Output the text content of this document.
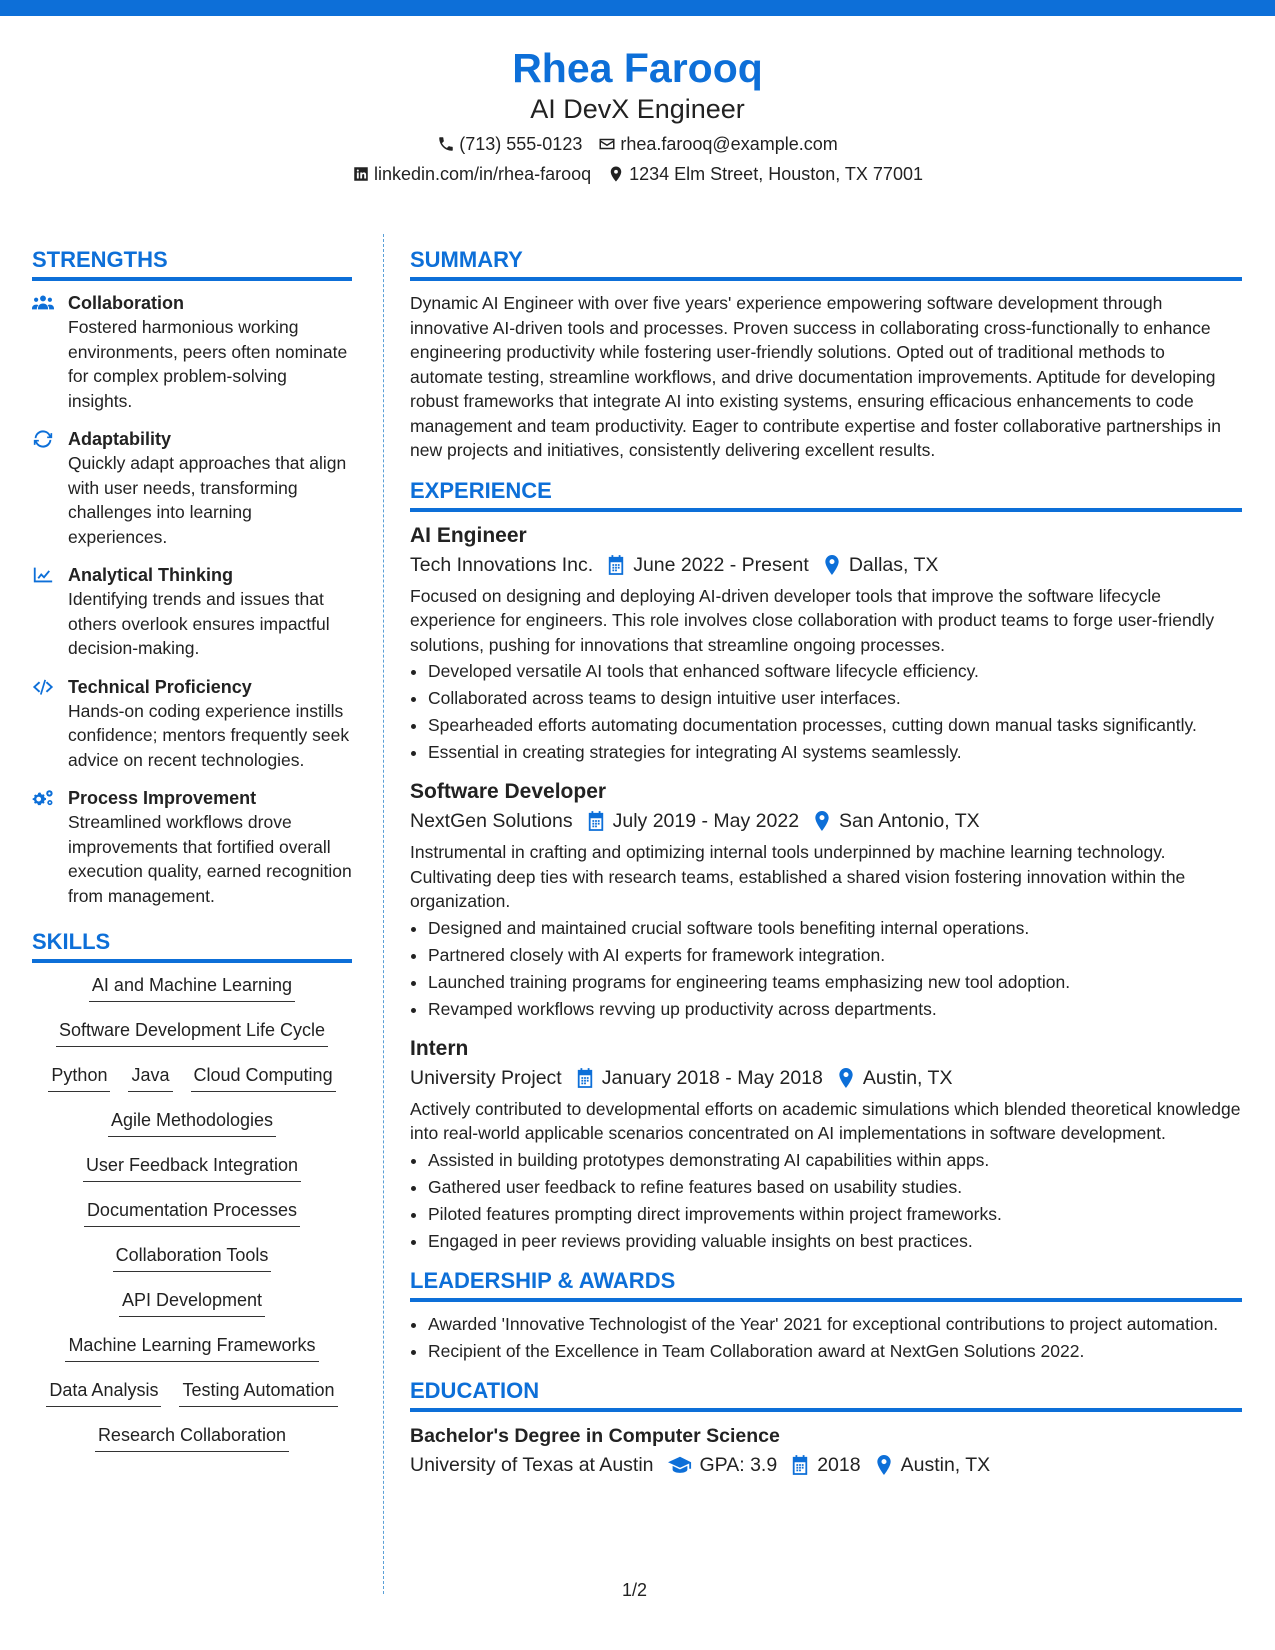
Rhea Farooq
AI DevX Engineer
(713) 555-0123 rhea.farooq@example.com
linkedin.com/in/rhea-farooq 1234 Elm Street, Houston, TX 77001
STRENGTHS
Collaboration
Fostered harmonious working environments, peers often nominate for complex problem-solving insights.
Adaptability
Quickly adapt approaches that align with user needs, transforming challenges into learning experiences.
Analytical Thinking
Identifying trends and issues that others overlook ensures impactful decision-making.
Technical Proficiency
Hands-on coding experience instills confidence; mentors frequently seek advice on recent technologies.
Process Improvement
Streamlined workflows drove improvements that fortified overall execution quality, earned recognition from management.
SKILLS
AI and Machine Learning
Software Development Life Cycle
Python Java Cloud Computing
Agile Methodologies
User Feedback Integration
Documentation Processes
Collaboration Tools
API Development
Machine Learning Frameworks
Data Analysis Testing Automation
Research Collaboration
SUMMARY

Dynamic AI Engineer with over five years' experience empowering software development through innovative AI-driven tools and processes. Proven success in collaborating cross-functionally to enhance engineering productivity while fostering user-friendly solutions. Opted out of traditional methods to automate testing, streamline workflows, and drive documentation improvements. Aptitude for developing robust frameworks that integrate AI into existing systems, ensuring efficacious enhancements to code management and team productivity. Eager to contribute expertise and foster collaborative partnerships in new projects and initiatives, consistently delivering excellent results.

EXPERIENCE
AI Engineer
Tech Innovations Inc. June 2022 - Present Dallas, TX

Focused on designing and deploying AI-driven developer tools that improve the software lifecycle experience for engineers. This role involves close collaboration with product teams to forge user-friendly solutions, pushing for innovations that streamline ongoing processes.

• Developed versatile AI tools that enhanced software lifecycle efficiency.
• Collaborated across teams to design intuitive user interfaces.
• Spearheaded efforts automating documentation processes, cutting down manual tasks significantly.
• Essential in creating strategies for integrating AI systems seamlessly.
Software Developer
NextGen Solutions July 2019 - May 2022 San Antonio, TX

Instrumental in crafting and optimizing internal tools underpinned by machine learning technology. Cultivating deep ties with research teams, established a shared vision fostering innovation within the organization.

• Designed and maintained crucial software tools benefiting internal operations.
• Partnered closely with AI experts for framework integration.
• Launched training programs for engineering teams emphasizing new tool adoption.
• Revamped workflows revving up productivity across departments.
Intern
University Project January 2018 - May 2018 Austin, TX

Actively contributed to developmental efforts on academic simulations which blended theoretical knowledge into real-world applicable scenarios concentrated on AI implementations in software development.

• Assisted in building prototypes demonstrating AI capabilities within apps.
• Gathered user feedback to refine features based on usability studies.
• Piloted features prompting direct improvements within project frameworks.
• Engaged in peer reviews providing valuable insights on best practices.
LEADERSHIP & AWARDS
• Awarded 'Innovative Technologist of the Year' 2021 for exceptional contributions to project automation.
• Recipient of the Excellence in Team Collaboration award at NextGen Solutions 2022.
EDUCATION
Bachelor's Degree in Computer Science
University of Texas at Austin GPA: 3.9 2018 Austin, TX
1/2
